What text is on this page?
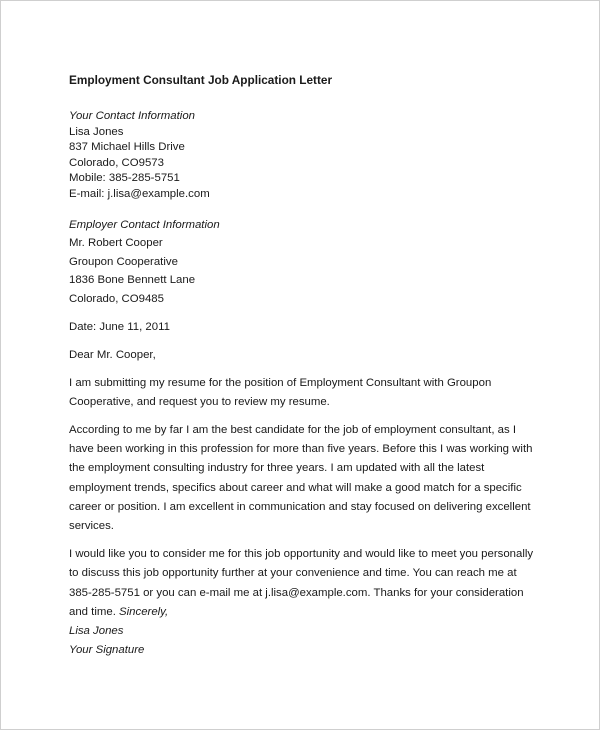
Employment Consultant Job Application Letter
Your Contact Information
Lisa Jones
837 Michael Hills Drive
Colorado, CO9573
Mobile: 385-285-5751
E-mail: j.lisa@example.com
Employer Contact Information
Mr. Robert Cooper
Groupon Cooperative
1836 Bone Bennett Lane
Colorado, CO9485
Date: June 11, 2011
Dear Mr. Cooper,

I am submitting my resume for the position of Employment Consultant with Groupon Cooperative, and request you to review my resume.

According to me by far I am the best candidate for the job of employment consultant, as I have been working in this profession for more than five years. Before this I was working with the employment consulting industry for three years. I am updated with all the latest employment trends, specifics about career and what will make a good match for a specific career or position. I am excellent in communication and stay focused on delivering excellent services.

I would like you to consider me for this job opportunity and would like to meet you personally to discuss this job opportunity further at your convenience and time. You can reach me at 385-285-5751 or you can e-mail me at j.lisa@example.com. Thanks for your consideration and time. Sincerely,

Lisa Jones
Your Signature
